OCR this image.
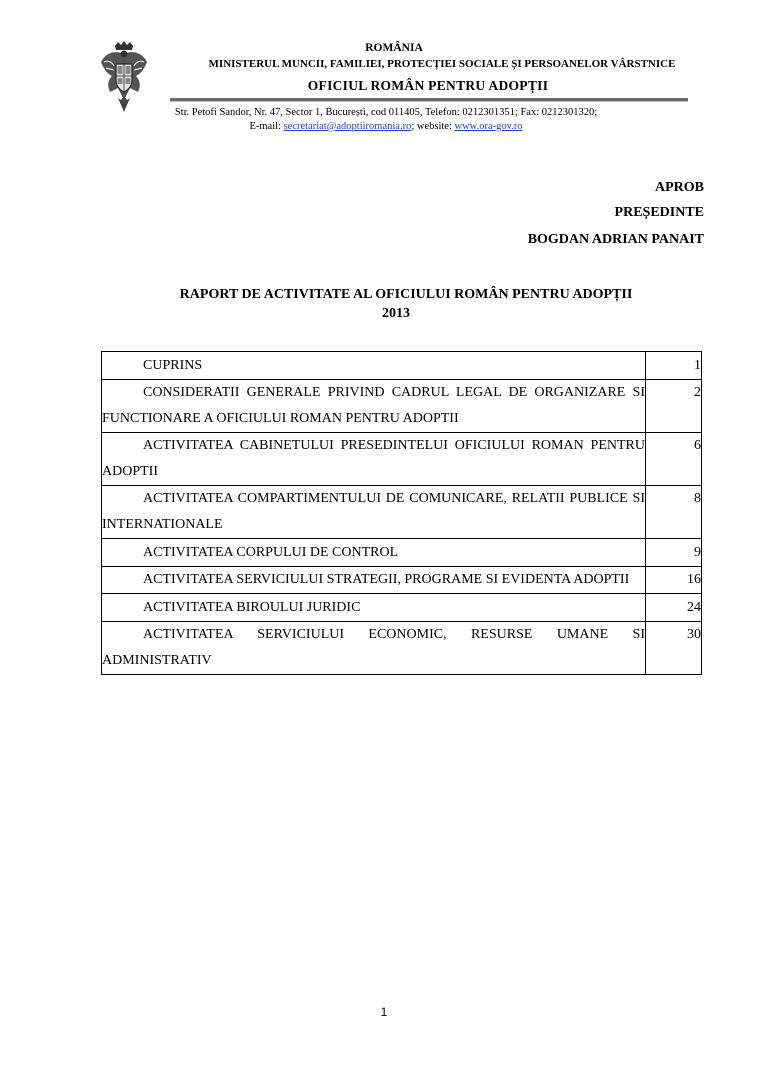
ROMÂNIA
MINISTERUL MUNCII, FAMILIEI, PROTECȚIEI SOCIALE ȘI PERSOANELOR VÂRSTNICE
OFICIUL ROMÂN PENTRU ADOPȚII
Str. Petofi Sandor, Nr. 47, Sector 1, București, cod 011405, Telefon: 0212301351; Fax: 0212301320;
E-mail: secretariat@adoptiiromania.ro; website: www.ora-gov.ro
APROB
PREȘEDINTE
BOGDAN ADRIAN PANAIT
RAPORT DE ACTIVITATE AL OFICIULUI ROMÂN PENTRU ADOPȚII
2013
CUPRINS	1

CONSIDERATII GENERALE PRIVIND CADRUL LEGAL DE ORGANIZARE SI FUNCTIONARE A OFICIULUI ROMAN PENTRU ADOPTII	2

ACTIVITATEA CABINETULUI PRESEDINTELUI OFICIULUI ROMAN PENTRU ADOPTII	6

ACTIVITATEA COMPARTIMENTULUI DE COMUNICARE, RELATII PUBLICE SI INTERNATIONALE	8

ACTIVITATEA CORPULUI DE CONTROL	9

ACTIVITATEA SERVICIULUI STRATEGII, PROGRAME SI EVIDENTA ADOPTII	16

ACTIVITATEA BIROULUI JURIDIC	24

ACTIVITATEA SERVICIULUI ECONOMIC, RESURSE UMANE SI ADMINISTRATIV	30
1
